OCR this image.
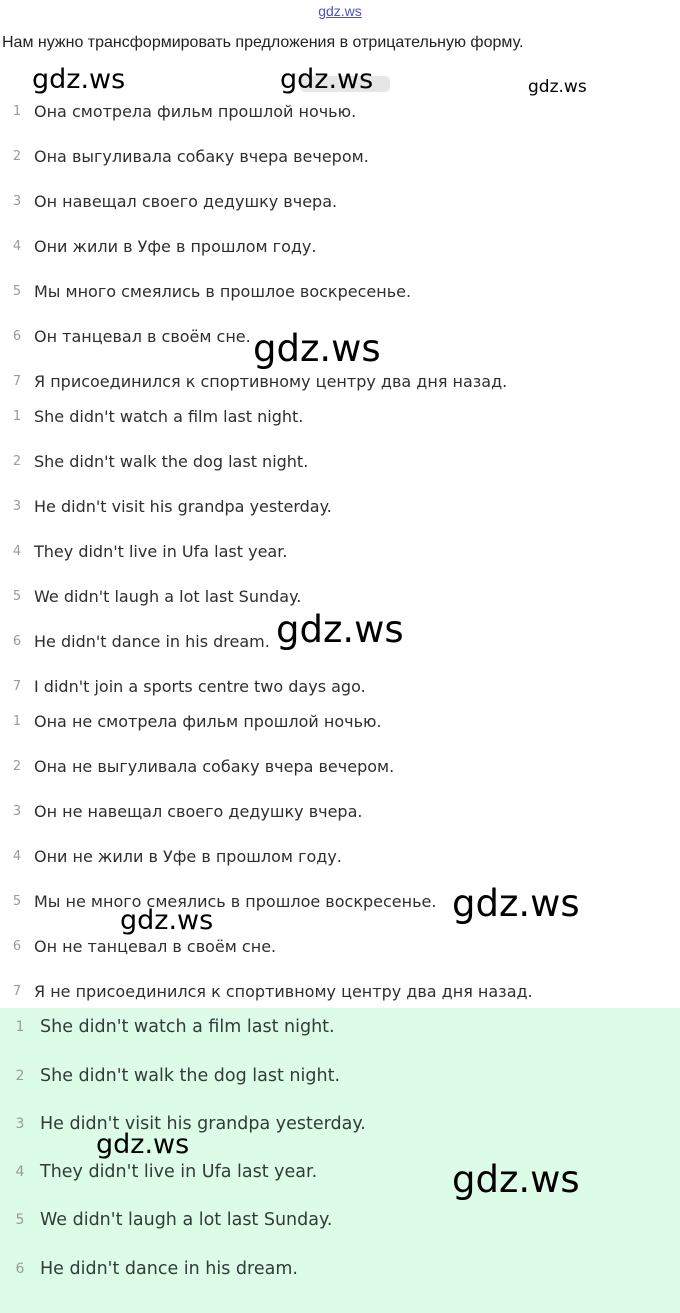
gdz.ws
Нам нужно трансформировать предложения в отрицательную форму.
1 Она смотрела фильм прошлой ночью.
2 Она выгуливала собаку вчера вечером.
3 Он навещал своего дедушку вчера.
4 Они жили в Уфе в прошлом году.
5 Мы много смеялись в прошлое воскресенье.
6 Он танцевал в своём сне.
7 Я присоединился к спортивному центру два дня назад.
1 She didn't watch a film last night.
2 She didn't walk the dog last night.
3 He didn't visit his grandpa yesterday.
4 They didn't live in Ufa last year.
5 We didn't laugh a lot last Sunday.
6 He didn't dance in his dream.
7 I didn't join a sports centre two days ago.
1 Она не смотрела фильм прошлой ночью.
2 Она не выгуливала собаку вчера вечером.
3 Он не навещал своего дедушку вчера.
4 Они не жили в Уфе в прошлом году.
5 Мы не много смеялись в прошлое воскресенье.
6 Он не танцевал в своём сне.
7 Я не присоединился к спортивному центру два дня назад.
1 She didn't watch a film last night.
2 She didn't walk the dog last night.
3 He didn't visit his grandpa yesterday.
4 They didn't live in Ufa last year.
5 We didn't laugh a lot last Sunday.
6 He didn't dance in his dream.
gdz.ws	gdz.ws	gdz.ws
gdz.ws
gdz.ws
gdz.ws
gdz.ws
gdz.ws
gdz.ws
